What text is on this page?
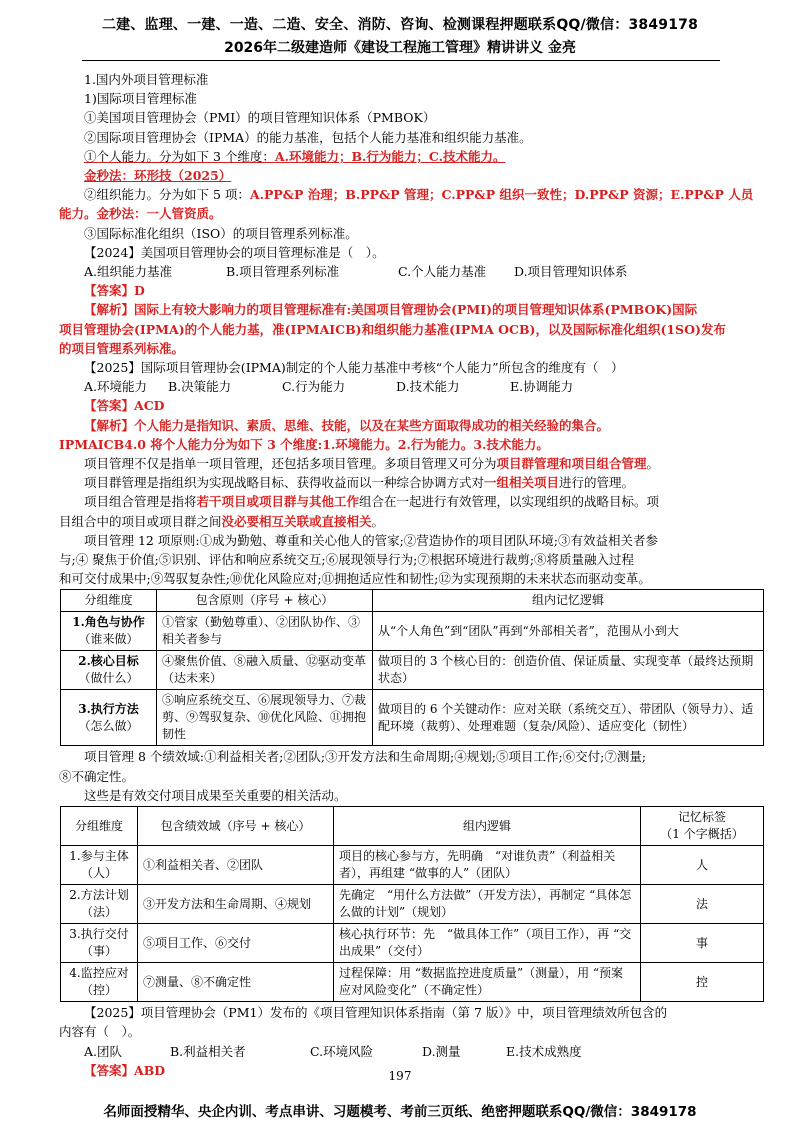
二建、监理、一建、一造、二造、安全、消防、咨询、检测课程押题联系QQ/微信：3849178
2026年二级建造师《建设工程施工管理》精讲讲义 金亮

1.国内外项目管理标准

1)国际项目管理标准

①美国项目管理协会（PMI）的项目管理知识体系（PMBOK）

②国际项目管理协会（IPMA）的能力基准，包括个人能力基准和组织能力基准。

①个人能力。分为如下 3 个维度：A.环境能力；B.行为能力；C.技术能力。

金秒法：环形技（2025）

②组织能力。分为如下 5 项：A.PP&P 治理；B.PP&P 管理；C.PP&P 组织一致性；D.PP&P 资源；E.PP&P 人员

能力。金秒法：一人管资质。

③国际标准化组织（ISO）的项目管理系列标准。

【2024】美国项目管理协会的项目管理标准是（　）。

A.组织能力基准	B.项目管理系列标准	C.个人能力基准	D.项目管理知识体系

【答案】D

【解析】国际上有较大影响力的项目管理标准有:美国项目管理协会(PMI)的项目管理知识体系(PMBOK)国际

项目管理协会(IPMA)的个人能力基，准(IPMAICB)和组织能力基准(IPMA OCB)，以及国际标准化组织(1SO)发布

的项目管理系列标准。

【2025】国际项目管理协会(IPMA)制定的个人能力基准中考核“个人能力”所包含的维度有（　）

A.环境能力	B.决策能力	C.行为能力	D.技术能力	E.协调能力

【答案】ACD

【解析】个人能力是指知识、素质、思维、技能，以及在某些方面取得成功的相关经验的集合。

IPMAICB4.0 将个人能力分为如下 3 个维度:1.环境能力。2.行为能力。3.技术能力。

项目管理不仅是指单一项目管理，还包括多项目管理。多项目管理又可分为项目群管理和项目组合管理。

项目群管理是指组织为实现战略目标、获得收益而以一种综合协调方式对一组相关项目进行的管理。

项目组合管理是指将若干项目或项目群与其他工作组合在一起进行有效管理，以实现组织的战略目标。项

目组合中的项目或项目群之间没必要相互关联或直接相关。

项目管理 12 项原则:①成为勤勉、尊重和关心他人的管家;②营造协作的项目团队环境;③有效益相关者参

与;④ 聚焦于价值;⑤识别、评估和响应系统交互;⑥展现领导行为;⑦根据环境进行裁剪;⑧将质量融入过程

和可交付成果中;⑨驾驭复杂性;⑩优化风险应对;⑪拥抱适应性和韧性;⑫为实现预期的未来状态而驱动变革。

分组维度	包含原则（序号 + 核心）	组内记忆逻辑
1.角色与协作
（谁来做）	①管家（勤勉尊重）、②团队协作、③相关者参与	从“个人角色”到“团队”再到“外部相关者”，范围从小到大
2.核心目标
（做什么）	④聚焦价值、⑧融入质量、⑫驱动变革（达未来）	做项目的 3 个核心目的：创造价值、保证质量、实现变革（最终达预期状态）
3.执行方法
（怎么做）	⑤响应系统交互、⑥展现领导力、⑦裁剪、⑨驾驭复杂、⑩优化风险、⑪拥抱韧性	做项目的 6 个关键动作：应对关联（系统交互）、带团队（领导力）、适配环境（裁剪）、处理难题（复杂/风险）、适应变化（韧性）

项目管理 8 个绩效域:①利益相关者;②团队;③开发方法和生命周期;④规划;⑤项目工作;⑥交付;⑦测量;

⑧不确定性。

这些是有效交付项目成果至关重要的相关活动。

分组维度	包含绩效域（序号 + 核心）	组内逻辑	记忆标签
（1 个字概括）
1.参与主体
（人）	①利益相关者、②团队	项目的核心参与方，先明确　“对谁负责”（利益相关者），再组建 “做事的人”（团队）	人
2.方法计划
（法）	③开发方法和生命周期、④规划	先确定　“用什么方法做”（开发方法），再制定 “具体怎么做的计划”（规划）	法
3.执行交付
（事）	⑤项目工作、⑥交付	核心执行环节：先　“做具体工作”（项目工作），再 “交出成果”（交付）	事
4.监控应对
（控）	⑦测量、⑧不确定性	过程保障：用 “数据监控进度质量”（测量），用 “预案应对风险变化”（不确定性）	控

【2025】项目管理协会（PM1）发布的《项目管理知识体系指南（第 7 版）》中，项目管理绩效所包含的

内容有（　）。

A.团队	B.利益相关者	C.环境风险	D.测量	E.技术成熟度

【答案】ABD	197
名师面授精华、央企内训、考点串讲、习题模考、考前三页纸、绝密押题联系QQ/微信：3849178
